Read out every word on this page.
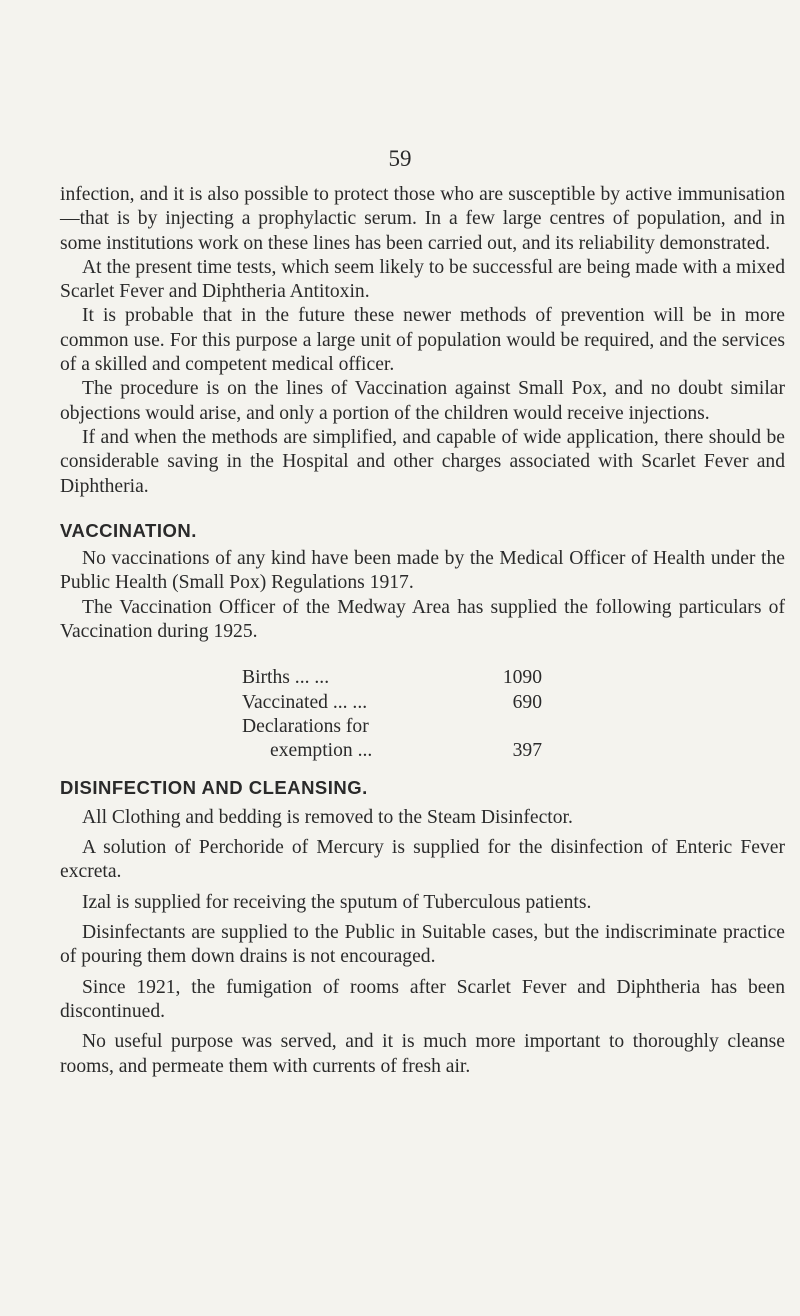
59

infection, and it is also possible to protect those who are susceptible by active immunisation—that is by injecting a prophylactic serum. In a few large centres of population, and in some institutions work on these lines has been carried out, and its reliability demonstrated.

At the present time tests, which seem likely to be successful are being made with a mixed Scarlet Fever and Diphtheria Antitoxin.

It is probable that in the future these newer methods of prevention will be in more common use. For this purpose a large unit of population would be required, and the services of a skilled and competent medical officer.

The procedure is on the lines of Vaccination against Small Pox, and no doubt similar objections would arise, and only a portion of the children would receive injections.

If and when the methods are simplified, and capable of wide application, there should be considerable saving in the Hospital and other charges associated with Scarlet Fever and Diphtheria.

VACCINATION.

No vaccinations of any kind have been made by the Medical Officer of Health under the Public Health (Small Pox) Regulations 1917.

The Vaccination Officer of the Medway Area has supplied the following particulars of Vaccination during 1925.

Births ... ...	1090
Vaccinated ... ...	690
Declarations for
exemption ...	397
DISINFECTION AND CLEANSING.

All Clothing and bedding is removed to the Steam Disinfector.

A solution of Perchoride of Mercury is supplied for the disinfection of Enteric Fever excreta.

Izal is supplied for receiving the sputum of Tuberculous patients.

Disinfectants are supplied to the Public in Suitable cases, but the indiscriminate practice of pouring them down drains is not encouraged.

Since 1921, the fumigation of rooms after Scarlet Fever and Diphtheria has been discontinued.

No useful purpose was served, and it is much more important to thoroughly cleanse rooms, and permeate them with currents of fresh air.
